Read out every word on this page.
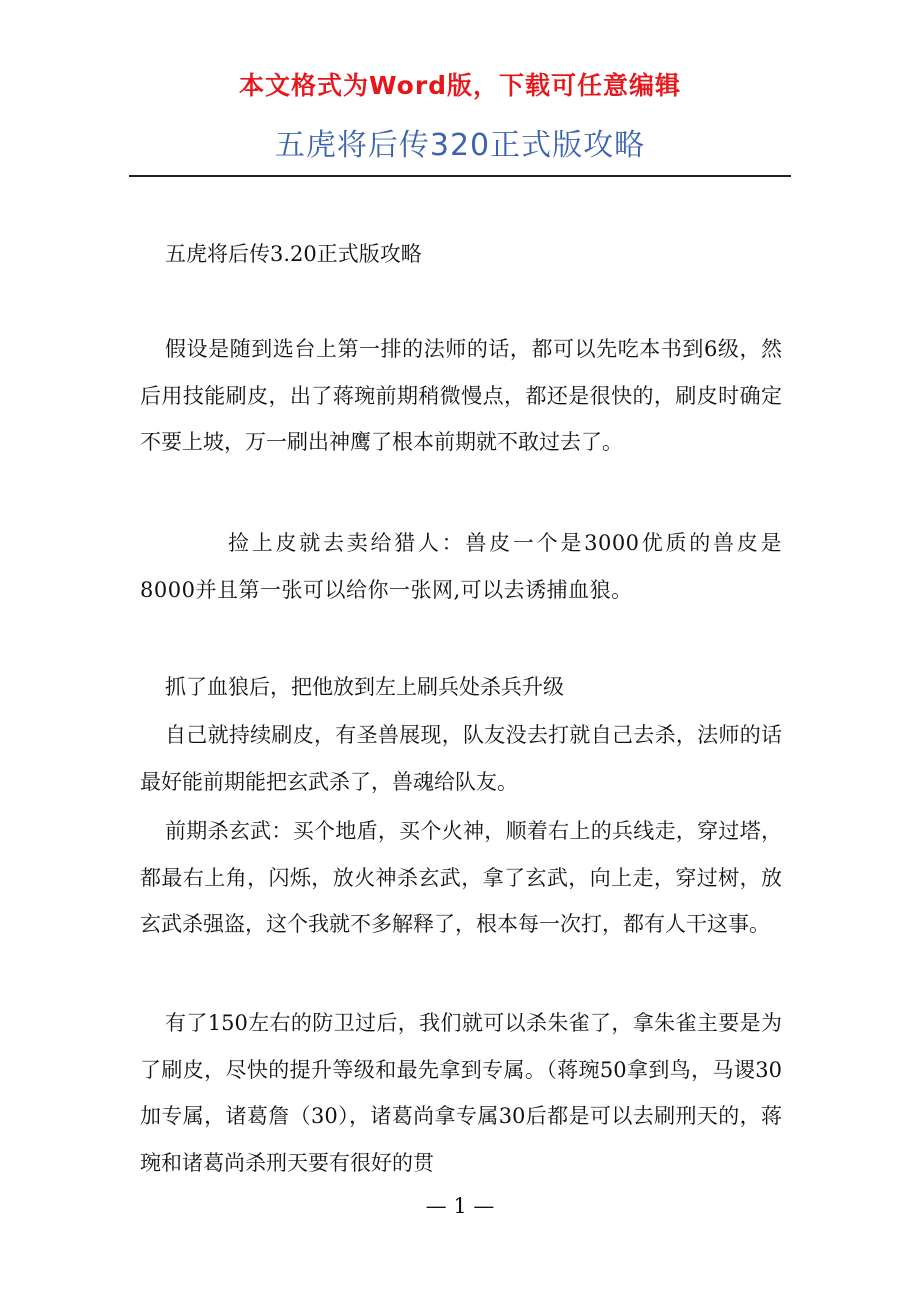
本文格式为Word版，下载可任意编辑
五虎将后传320正式版攻略
五虎将后传3.20正式版攻略

假设是随到选台上第一排的法师的话，都可以先吃本书到6级，然后用技能刷皮，出了蒋琬前期稍微慢点，都还是很快的，刷皮时确定不要上坡，万一刷出神鹰了根本前期就不敢过去了。

捡上皮就去卖给猎人：兽皮一个是3000优质的兽皮是8000并且第一张可以给你一张网,可以去诱捕血狼。

抓了血狼后，把他放到左上刷兵处杀兵升级

自己就持续刷皮，有圣兽展现，队友没去打就自己去杀，法师的话最好能前期能把玄武杀了，兽魂给队友。

前期杀玄武：买个地盾，买个火神，顺着右上的兵线走，穿过塔，都最右上角，闪烁，放火神杀玄武，拿了玄武，向上走，穿过树，放玄武杀强盗，这个我就不多解释了，根本每一次打，都有人干这事。

有了150左右的防卫过后，我们就可以杀朱雀了，拿朱雀主要是为了刷皮，尽快的提升等级和最先拿到专属。（蒋琬50拿到鸟，马谡30加专属，诸葛詹（30），诸葛尚拿专属30后都是可以去刷刑天的，蒋琬和诸葛尚杀刑天要有很好的贯

— 1 —
